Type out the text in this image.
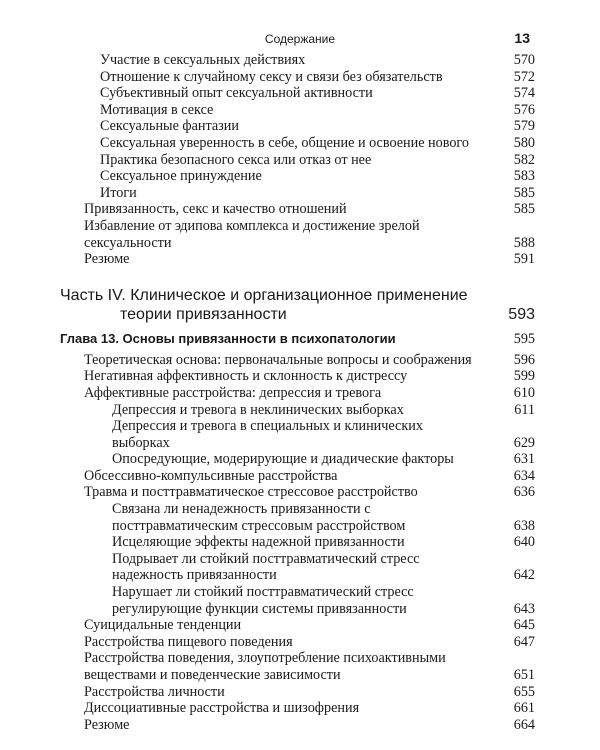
Содержание	13
Участие в сексуальных действиях	570
Отношение к случайному сексу и связи без обязательств	572
Субъективный опыт сексуальной активности	574
Мотивация в сексе	576
Сексуальные фантазии	579
Сексуальная уверенность в себе, общение и освоение нового	580
Практика безопасного секса или отказ от нее	582
Сексуальное принуждение	583
Итоги	585
Привязанность, секс и качество отношений	585
Избавление от эдипова комплекса и достижение зрелой сексуальности	588
Резюме	591
Часть IV. Клиническое и организационное применение
теории привязанности	593
Глава 13. Основы привязанности в психопатологии	595
Теоретическая основа: первоначальные вопросы и соображения	596
Негативная аффективность и склонность к дистрессу	599
Аффективные расстройства: депрессия и тревога	610
Депрессия и тревога в неклинических выборках	611
Депрессия и тревога в специальных и клинических выборках	629
Опосредующие, модерирующие и диадические факторы	631
Обсессивно-компульсивные расстройства	634
Травма и посттравматическое стрессовое расстройство	636
Связана ли ненадежность привязанности с посттравматическим стрессовым расстройством	638
Исцеляющие эффекты надежной привязанности	640
Подрывает ли стойкий посттравматический стресс надежность привязанности	642
Нарушает ли стойкий посттравматический стресс регулирующие функции системы привязанности	643
Суицидальные тенденции	645
Расстройства пищевого поведения	647
Расстройства поведения, злоупотребление психоактивными веществами и поведенческие зависимости	651
Расстройства личности	655
Диссоциативные расстройства и шизофрения	661
Резюме	664
